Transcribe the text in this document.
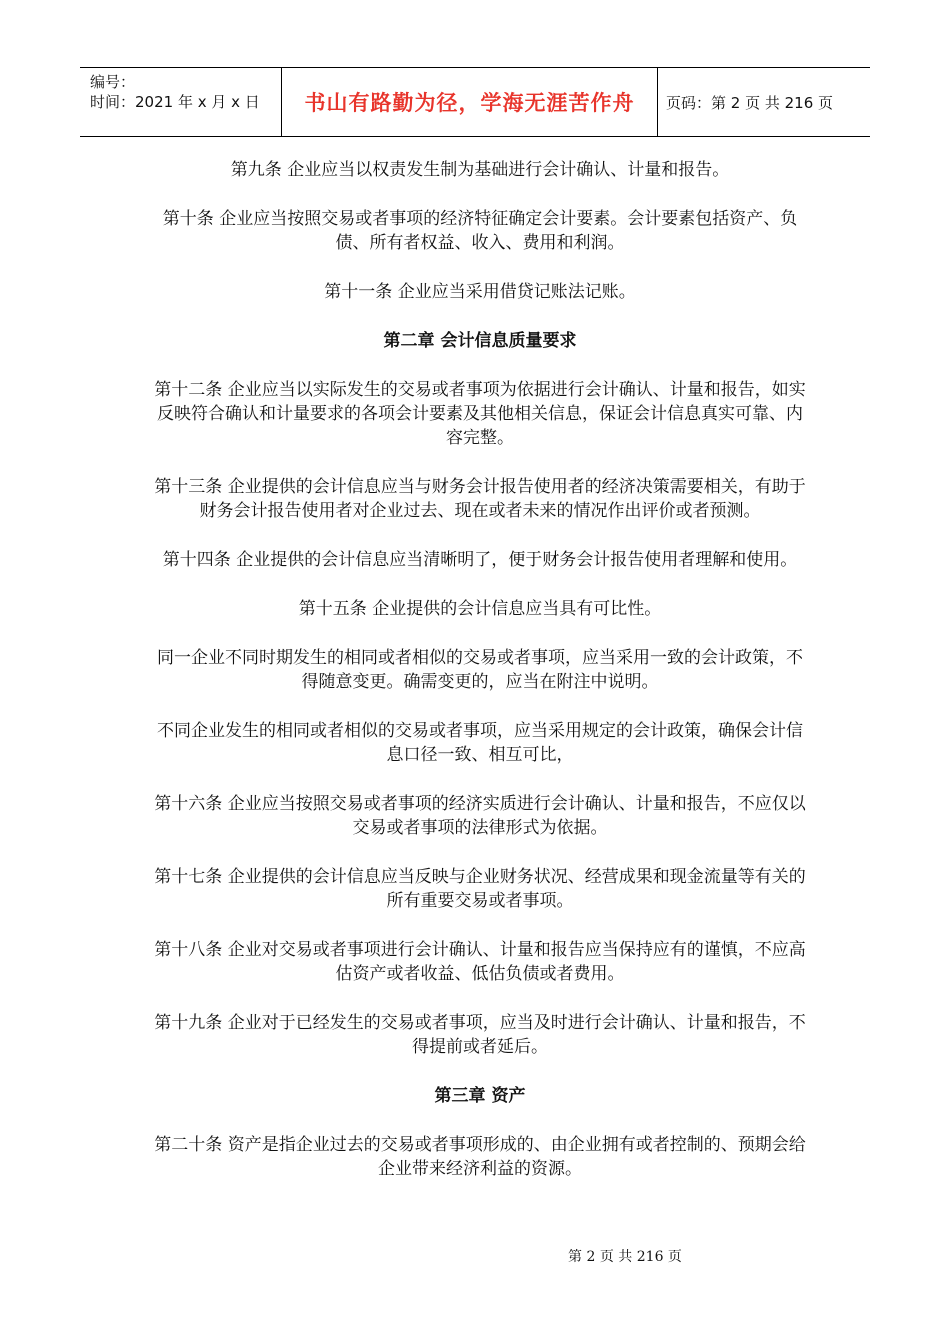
编号：
时间：2021 年 x 月 x 日	书山有路勤为径，学海无涯苦作舟	页码：第 2 页 共 216 页

第九条 企业应当以权责发生制为基础进行会计确认、计量和报告。

第十条 企业应当按照交易或者事项的经济特征确定会计要素。会计要素包括资产、负债、所有者权益、收入、费用和利润。

第十一条 企业应当采用借贷记账法记账。

第二章 会计信息质量要求

第十二条 企业应当以实际发生的交易或者事项为依据进行会计确认、计量和报告，如实反映符合确认和计量要求的各项会计要素及其他相关信息，保证会计信息真实可靠、内容完整。

第十三条 企业提供的会计信息应当与财务会计报告使用者的经济决策需要相关，有助于财务会计报告使用者对企业过去、现在或者未来的情况作出评价或者预测。

第十四条 企业提供的会计信息应当清晰明了，便于财务会计报告使用者理解和使用。

第十五条 企业提供的会计信息应当具有可比性。

同一企业不同时期发生的相同或者相似的交易或者事项，应当采用一致的会计政策，不得随意变更。确需变更的，应当在附注中说明。

不同企业发生的相同或者相似的交易或者事项，应当采用规定的会计政策，确保会计信息口径一致、相互可比，

第十六条 企业应当按照交易或者事项的经济实质进行会计确认、计量和报告，不应仅以交易或者事项的法律形式为依据。

第十七条 企业提供的会计信息应当反映与企业财务状况、经营成果和现金流量等有关的所有重要交易或者事项。

第十八条 企业对交易或者事项进行会计确认、计量和报告应当保持应有的谨慎，不应高估资产或者收益、低估负债或者费用。

第十九条 企业对于已经发生的交易或者事项，应当及时进行会计确认、计量和报告，不得提前或者延后。

第三章 资产

第二十条 资产是指企业过去的交易或者事项形成的、由企业拥有或者控制的、预期会给企业带来经济利益的资源。

第 2 页 共 216 页
